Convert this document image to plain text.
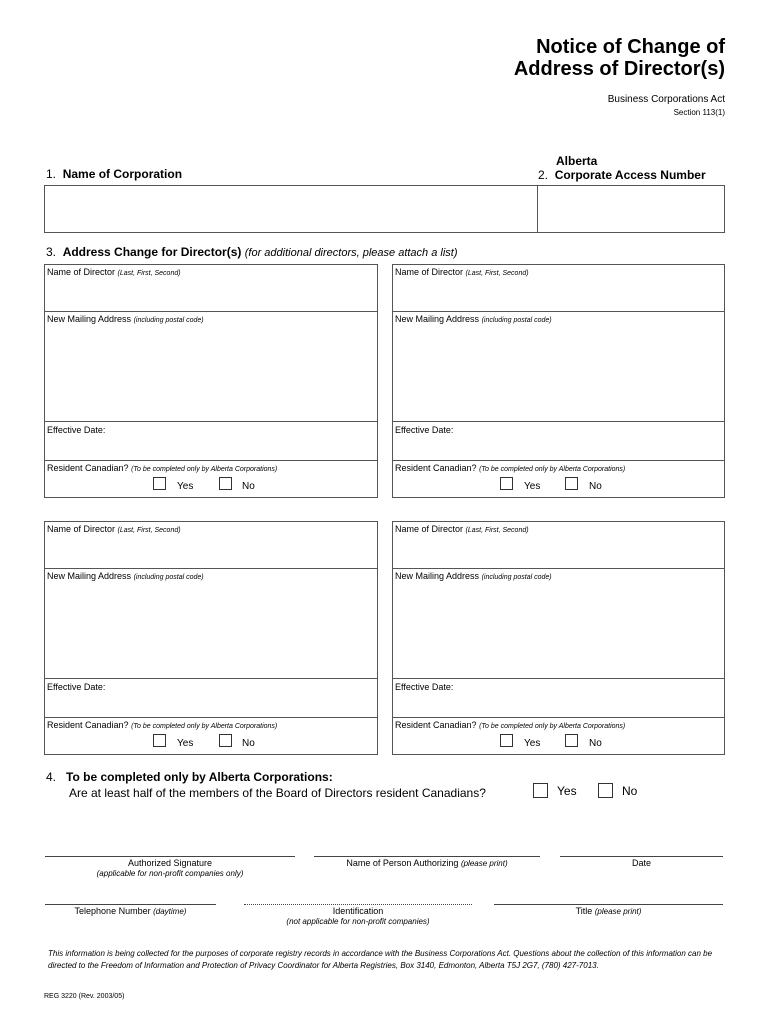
Notice of Change of
Address of Director(s)
Business Corporations Act
Section 113(1)
1. Name of Corporation
Alberta
2. Corporate Access Number
3. Address Change for Director(s) (for additional directors, please attach a list)
Name of Director (Last, First, Second)
New Mailing Address (including postal code)
Effective Date:
Resident Canadian? (To be completed only by Alberta Corporations)
Yes	No
Name of Director (Last, First, Second)
New Mailing Address (including postal code)
Effective Date:
Resident Canadian? (To be completed only by Alberta Corporations)
Yes	No
Name of Director (Last, First, Second)
New Mailing Address (including postal code)
Effective Date:
Resident Canadian? (To be completed only by Alberta Corporations)
Yes	No
Name of Director (Last, First, Second)
New Mailing Address (including postal code)
Effective Date:
Resident Canadian? (To be completed only by Alberta Corporations)
Yes	No
4. To be completed only by Alberta Corporations:
Are at least half of the members of the Board of Directors resident Canadians?	Yes	No
Authorized Signature
(applicable for non-profit companies only)
Name of Person Authorizing (please print)	Date
Telephone Number (daytime)	Identification
(not applicable for non-profit companies)
Title (please print)
This information is being collected for the purposes of corporate registry records in accordance with the Business Corporations Act. Questions about the collection of this information can be directed to the Freedom of Information and Protection of Privacy Coordinator for Alberta Registries, Box 3140, Edmonton, Alberta T5J 2G7, (780) 427-7013.
REG 3220 (Rev. 2003/05)
